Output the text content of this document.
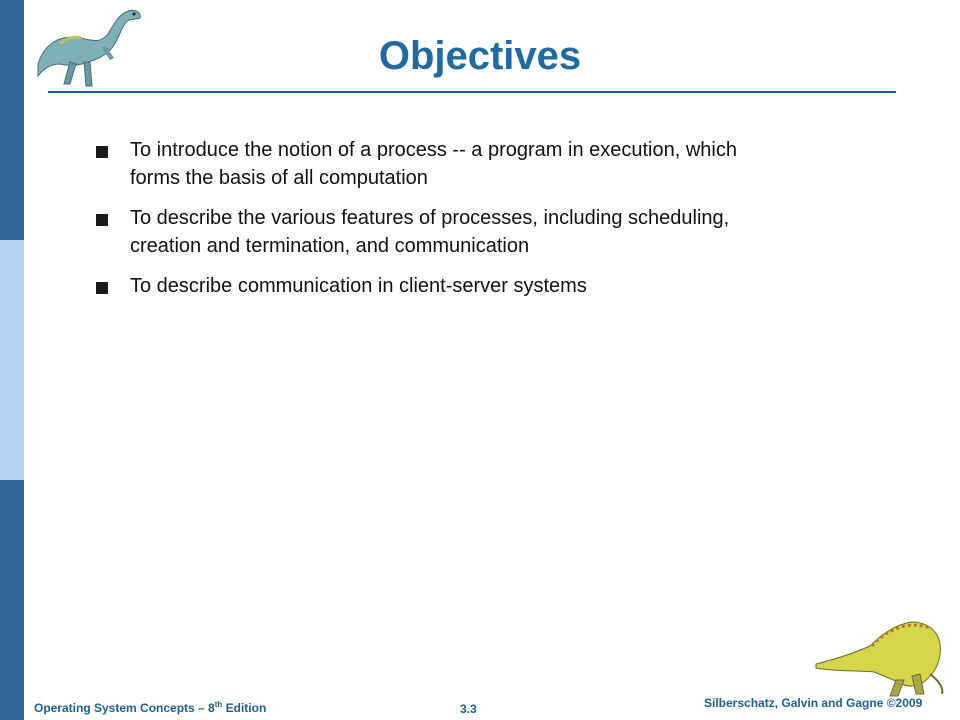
Objectives
To introduce the notion of a process -- a program in execution, which forms the basis of all computation
To describe the various features of processes, including scheduling, creation and termination, and communication
To describe communication in client-server systems
Operating System Concepts – 8th Edition	3.3	Silberschatz, Galvin and Gagne ©2009
